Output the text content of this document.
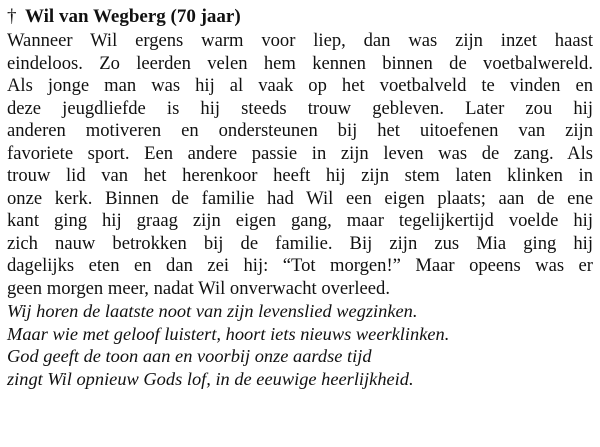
† Wil van Wegberg (70 jaar)
Wanneer Wil ergens warm voor liep, dan was zijn inzet haast
eindeloos. Zo leerden velen hem kennen binnen de voetbalwereld.
Als jonge man was hij al vaak op het voetbalveld te vinden en
deze jeugdliefde is hij steeds trouw gebleven. Later zou hij
anderen motiveren en ondersteunen bij het uitoefenen van zijn
favoriete sport. Een andere passie in zijn leven was de zang. Als
trouw lid van het herenkoor heeft hij zijn stem laten klinken in
onze kerk. Binnen de familie had Wil een eigen plaats; aan de ene
kant ging hij graag zijn eigen gang, maar tegelijkertijd voelde hij
zich nauw betrokken bij de familie. Bij zijn zus Mia ging hij
dagelijks eten en dan zei hij: “Tot morgen!” Maar opeens was er
geen morgen meer, nadat Wil onverwacht overleed.
Wij horen de laatste noot van zijn levenslied wegzinken.
Maar wie met geloof luistert, hoort iets nieuws weerklinken.
God geeft de toon aan en voorbij onze aardse tijd
zingt Wil opnieuw Gods lof, in de eeuwige heerlijkheid.
